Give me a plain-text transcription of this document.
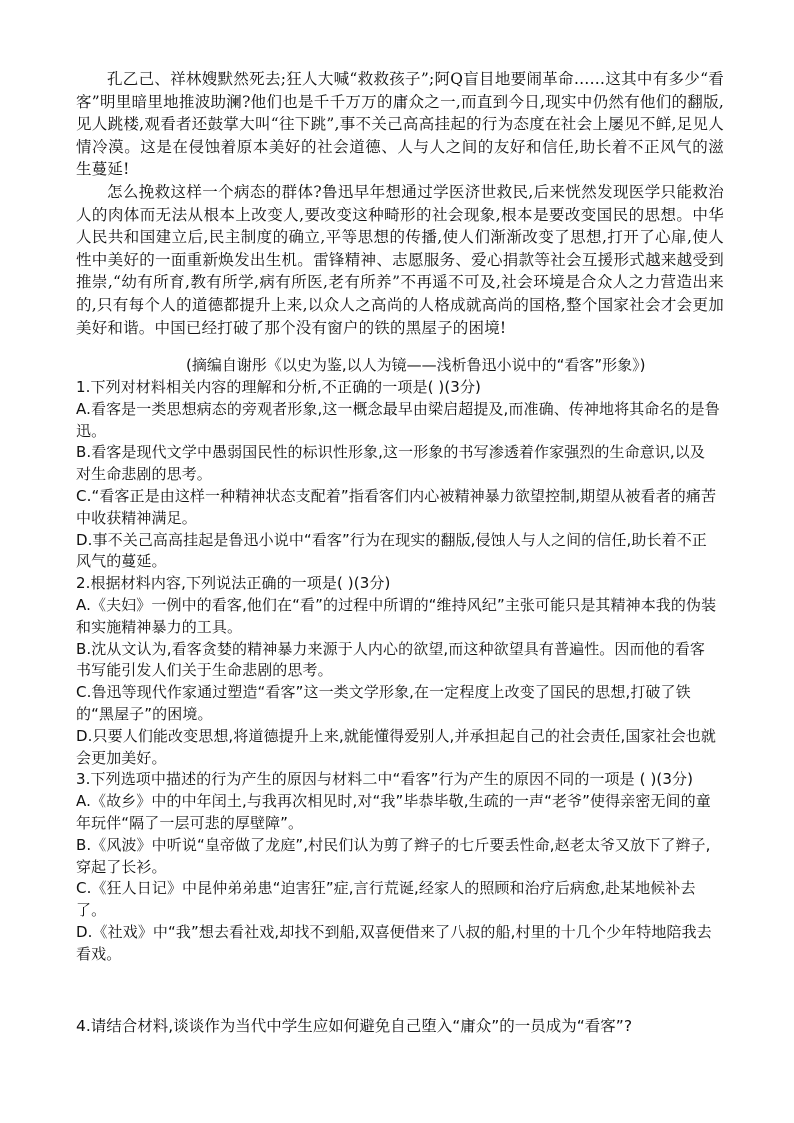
孔乙己、祥林嫂默然死去;狂人大喊“救救孩子”;阿Q盲目地要闹革命……这其中有多少“看客”明里暗里地推波助澜?他们也是千千万万的庸众之一,而直到今日,现实中仍然有他们的翻版,见人跳楼,观看者还鼓掌大叫“往下跳”,事不关己高高挂起的行为态度在社会上屡见不鲜,足见人情冷漠。这是在侵蚀着原本美好的社会道德、人与人之间的友好和信任,助长着不正风气的滋生蔓延!

怎么挽救这样一个病态的群体?鲁迅早年想通过学医济世救民,后来恍然发现医学只能救治人的肉体而无法从根本上改变人,要改变这种畸形的社会现象,根本是要改变国民的思想。中华人民共和国建立后,民主制度的确立,平等思想的传播,使人们渐渐改变了思想,打开了心扉,使人性中美好的一面重新焕发出生机。雷锋精神、志愿服务、爱心捐款等社会互援形式越来越受到推崇,“幼有所育,教有所学,病有所医,老有所养”不再遥不可及,社会环境是合众人之力营造出来的,只有每个人的道德都提升上来,以众人之高尚的人格成就高尚的国格,整个国家社会才会更加美好和谐。中国已经打破了那个没有窗户的铁的黑屋子的困境!

(摘编自谢彤《以史为鉴,以人为镜——浅析鲁迅小说中的“看客”形象》)

1.下列对材料相关内容的理解和分析,不正确的一项是( )(3分)

A.看客是一类思想病态的旁观者形象,这一概念最早由梁启超提及,而准确、传神地将其命名的是鲁迅。

B.看客是现代文学中愚弱国民性的标识性形象,这一形象的书写渗透着作家强烈的生命意识,以及对生命悲剧的思考。

C.“看客正是由这样一种精神状态支配着”指看客们内心被精神暴力欲望控制,期望从被看者的痛苦中收获精神满足。

D.事不关己高高挂起是鲁迅小说中“看客”行为在现实的翻版,侵蚀人与人之间的信任,助长着不正风气的蔓延。

2.根据材料内容,下列说法正确的一项是( )(3分)

A.《夫妇》一例中的看客,他们在“看”的过程中所谓的“维持风纪”主张可能只是其精神本我的伪装和实施精神暴力的工具。

B.沈从文认为,看客贪婪的精神暴力来源于人内心的欲望,而这种欲望具有普遍性。因而他的看客书写能引发人们关于生命悲剧的思考。

C.鲁迅等现代作家通过塑造“看客”这一类文学形象,在一定程度上改变了国民的思想,打破了铁的“黑屋子”的困境。

D.只要人们能改变思想,将道德提升上来,就能懂得爱别人,并承担起自己的社会责任,国家社会也就会更加美好。

3.下列选项中描述的行为产生的原因与材料二中“看客”行为产生的原因不同的一项是 ( )(3分)

A.《故乡》中的中年闰土,与我再次相见时,对“我”毕恭毕敬,生疏的一声“老爷”使得亲密无间的童年玩伴“隔了一层可悲的厚壁障”。

B.《风波》中听说“皇帝做了龙庭”,村民们认为剪了辫子的七斤要丢性命,赵老太爷又放下了辫子,穿起了长衫。

C.《狂人日记》中昆仲弟弟患“迫害狂”症,言行荒诞,经家人的照顾和治疗后病愈,赴某地候补去了。

D.《社戏》中“我”想去看社戏,却找不到船,双喜便借来了八叔的船,村里的十几个少年特地陪我去看戏。

4.请结合材料,谈谈作为当代中学生应如何避免自己堕入“庸众”的一员成为“看客”?
